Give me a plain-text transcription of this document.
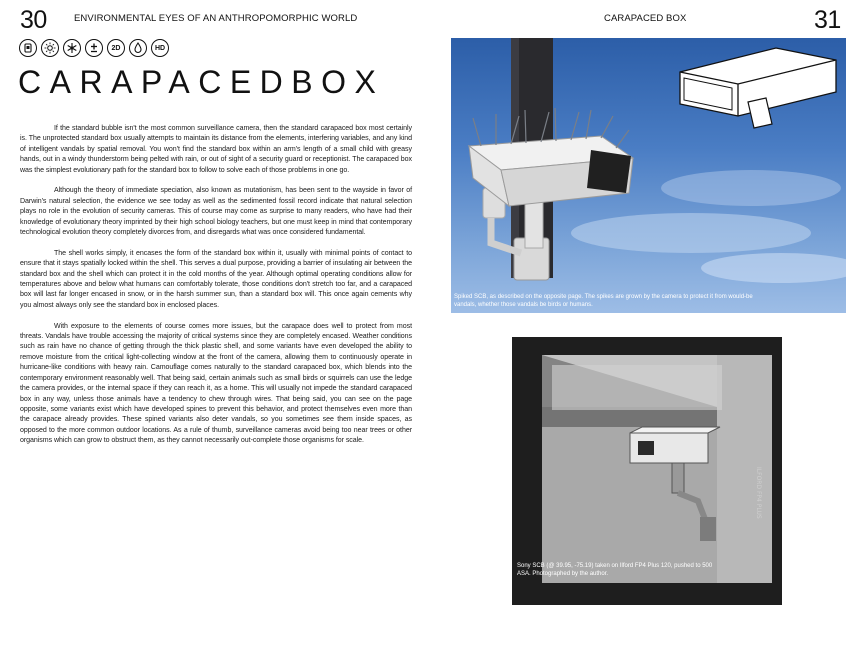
30	ENVIRONMENTAL EYES OF AN ANTHROPOMORPHIC WORLD
2D	HD
CARAPACEDBOX

If the standard bubble isn't the most common surveillance camera, then the standard carapaced box most certainly is. The unprotected standard box usually attempts to maintain its distance from the elements, interfering variables, and any kind of intelligent vandals by spatial removal. You won't find the standard box within an arm's length of a small child with greasy hands, out in a windy thunderstorm being pelted with rain, or out of sight of a security guard or receptionist. The carapaced box was the simplest evolutionary path for the standard box to follow to solve each of those problems in one go.

Although the theory of immediate speciation, also known as mutationism, has been sent to the wayside in favor of Darwin's natural selection, the evidence we see today as well as the sedimented fossil record indicate that natural selection plays no role in the evolution of security cameras. This of course may come as surprise to many readers, who have had their knowledge of evolutionary theory imprinted by their high school biology teachers, but one must keep in mind that contemporary technological evolution theory completely divorces from, and disregards what was once considered fundamental.

The shell works simply, it encases the form of the standard box within it, usually with minimal points of contact to ensure that it stays spatially locked within the shell. This serves a dual purpose, providing a barrier of insulating air between the standard box and the shell which can protect it in the cold months of the year. Although optimal operating conditions allow for temperatures above and below what humans can comfortably tolerate, those conditions don't stretch too far, and a carapaced box will last far longer encased in snow, or in the harsh summer sun, than a standard box will. This once again cements why you almost always only see the standard box in enclosed places.

With exposure to the elements of course comes more issues, but the carapace does well to protect from most threats. Vandals have trouble accessing the majority of critical systems since they are completely encased. Weather conditions such as rain have no chance of getting through the thick plastic shell, and some variants have even developed the ability to remove moisture from the critical light-collecting window at the front of the camera, allowing them to continuously operate in hurricane-like conditions with heavy rain. Camouflage comes naturally to the standard carapaced box, which blends into the contemporary environment reasonably well. That being said, certain animals such as small birds or squirrels can use the ledge the camera provides, or the internal space if they can reach it, as a home. This will usually not impede the standard carapaced box in any way, unless those animals have a tendency to chew through wires. That being said, you can see on the page opposite, some variants exist which have developed spines to prevent this behavior, and protect themselves even more than the carapace already provides. These spined variants also deter vandals, so you sometimes see them inside spaces, as opposed to the more common outdoor locations. As a rule of thumb, surveillance cameras avoid being too near trees or other organisms which can grow to obstruct them, as they cannot necessarily out-complete those organisms for scale.

CARAPACED BOX	31
Spiked SCB, as described on the opposite page. The spikes are grown by the camera to protect it from would-be vandals, whether those vandals be birds or humans.
ILFORD FP4 PLUS
Sony SCB (@ 39.95, -75.19) taken on Ilford FP4 Plus 120, pushed to 500 ASA. Photographed by the author.
